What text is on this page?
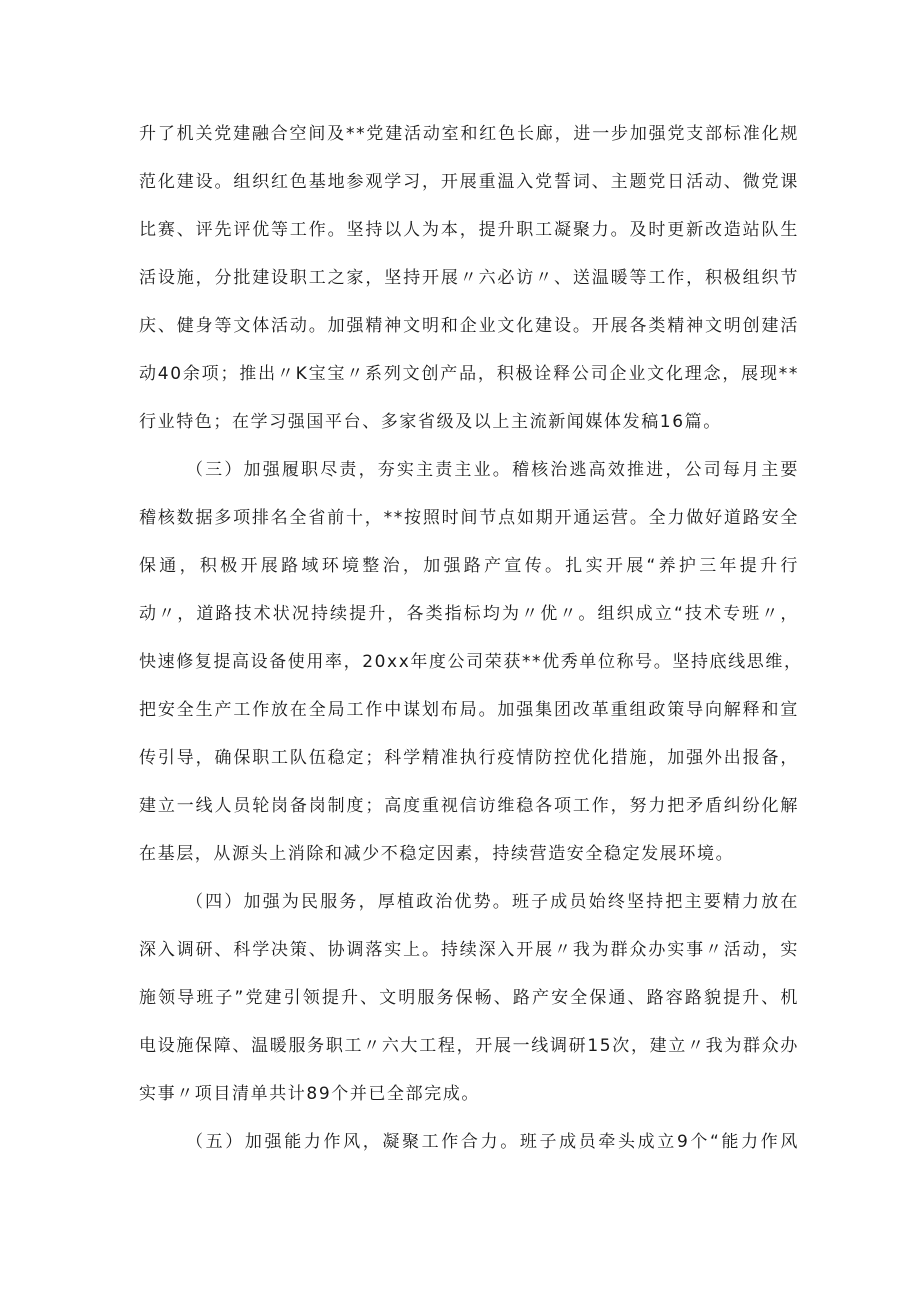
升了机关党建融合空间及**党建活动室和红色长廊，进一步加强党支部标准化规
范化建设。组织红色基地参观学习，开展重温入党誓词、主题党日活动、微党课
比赛、评先评优等工作。坚持以人为本，提升职工凝聚力。及时更新改造站队生
活设施，分批建设职工之家，坚持开展〃六必访〃、送温暖等工作，积极组织节
庆、健身等文体活动。加强精神文明和企业文化建设。开展各类精神文明创建活
动40余项；推出〃K宝宝〃系列文创产品，积极诠释公司企业文化理念，展现**
行业特色；在学习强国平台、多家省级及以上主流新闻媒体发稿16篇。
（三）加强履职尽责，夯实主责主业。稽核治逃高效推进，公司每月主要
稽核数据多项排名全省前十，**按照时间节点如期开通运营。全力做好道路安全
保通，积极开展路域环境整治，加强路产宣传。扎实开展“养护三年提升行
动〃，道路技术状况持续提升，各类指标均为〃优〃。组织成立“技术专班〃，
快速修复提高设备使用率，20xx年度公司荣获**优秀单位称号。坚持底线思维，
把安全生产工作放在全局工作中谋划布局。加强集团改革重组政策导向解释和宣
传引导，确保职工队伍稳定；科学精准执行疫情防控优化措施，加强外出报备，
建立一线人员轮岗备岗制度；高度重视信访维稳各项工作，努力把矛盾纠纷化解
在基层，从源头上消除和减少不稳定因素，持续营造安全稳定发展环境。
（四）加强为民服务，厚植政治优势。班子成员始终坚持把主要精力放在
深入调研、科学决策、协调落实上。持续深入开展〃我为群众办实事〃活动，实
施领导班子”党建引领提升、文明服务保畅、路产安全保通、路容路貌提升、机
电设施保障、温暖服务职工〃六大工程，开展一线调研15次，建立〃我为群众办
实事〃项目清单共计89个并已全部完成。
（五）加强能力作风，凝聚工作合力。班子成员牵头成立9个“能力作风
